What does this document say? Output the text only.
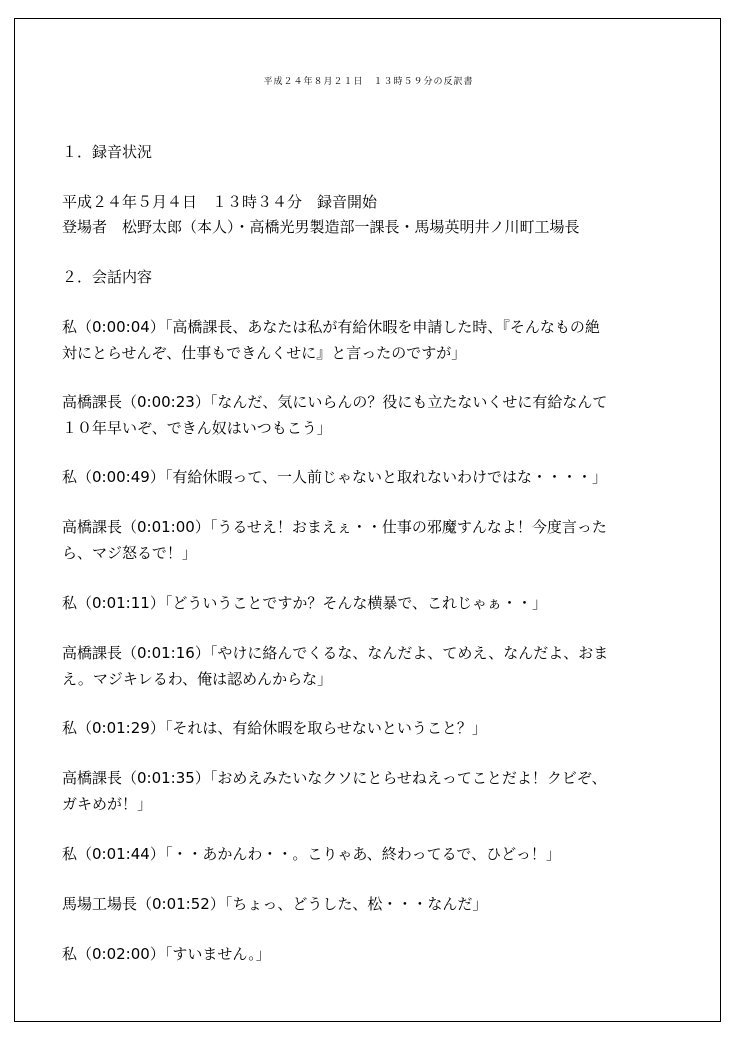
平成２４年８月２１日　１３時５９分の反訳書
１．録音状況
平成２４年５月４日　１３時３４分　録音開始
登場者　松野太郎（本人）・高橋光男製造部一課長・馬場英明井ノ川町工場長
２．会話内容
私（0:00:04）「高橋課長、あなたは私が有給休暇を申請した時、『そんなもの絶
対にとらせんぞ、仕事もできんくせに』と言ったのですが」
高橋課長（0:00:23）「なんだ、気にいらんの？役にも立たないくせに有給なんて
１０年早いぞ、できん奴はいつもこう」
私（0:00:49）「有給休暇って、一人前じゃないと取れないわけではな・・・・」
高橋課長（0:01:00）「うるせえ！おまえぇ・・仕事の邪魔すんなよ！今度言った
ら、マジ怒るで！」
私（0:01:11）「どういうことですか？そんな横暴で、これじゃぁ・・」
高橋課長（0:01:16）「やけに絡んでくるな、なんだよ、てめえ、なんだよ、おま
え。マジキレるわ、俺は認めんからな」
私（0:01:29）「それは、有給休暇を取らせないということ？」
高橋課長（0:01:35）「おめえみたいなクソにとらせねえってことだよ！クビぞ、
ガキめが！」
私（0:01:44）「・・あかんわ・・。こりゃあ、終わってるで、ひどっ！」
馬場工場長（0:01:52）「ちょっ、どうした、松・・・なんだ」
私（0:02:00）「すいません。」
